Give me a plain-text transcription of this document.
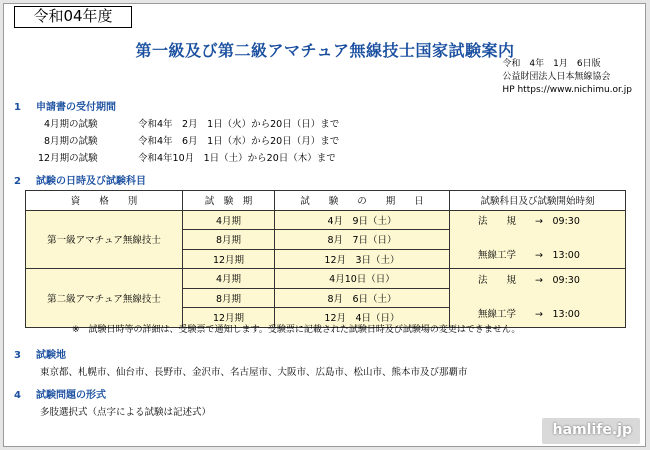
令和04年度
第一級及び第二級アマチュア無線技士国家試験案内
令和　4年　1月　6日版
公益財団法人日本無線協会
HP https://www.nichimu.or.jp
1 申請書の受付期間
4月期の試験	令和4年　2月　1日（火）から20日（日）まで
8月期の試験	令和4年　6月　1日（水）から20日（月）まで
12月期の試験	令和4年10月　1日（土）から20日（木）まで
2 試験の日時及び試験科目
資　　格　　別	試　験　期	試　　験　　の　　期　　日	試験科目及び試験開始時刻
第一級アマチュア無線技士	4月期	4月　9日（土）	法　　規　　 →　 09:30
無線工学　　 →　 13:00

	8月期	8月　7日（日）	
	12月期	12月　3日（土）	
第二級アマチュア無線技士	4月期	4月10日（日）	法　　規　　 →　 09:30
無線工学　　 →　 13:00

	8月期	8月　6日（土）	
	12月期	12月　4日（日）	
※　試験日時等の詳細は、受験票で通知します。受験票に記載された試験日時及び試験場の変更はできません。
3 試験地
東京都、札幌市、仙台市、長野市、金沢市、名古屋市、大阪市、広島市、松山市、熊本市及び那覇市
4 試験問題の形式
多肢選択式（点字による試験は記述式）
hamlife.jp
